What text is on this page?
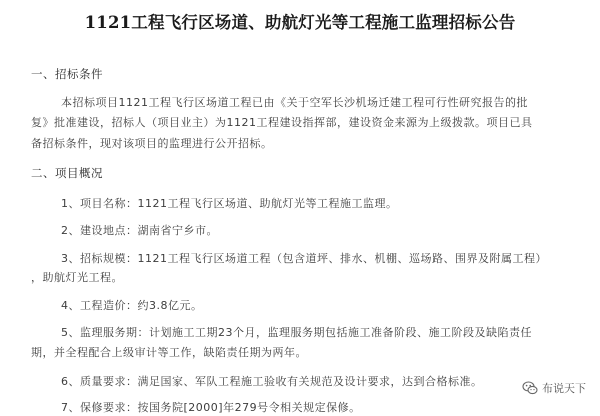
1121工程飞行区场道、助航灯光等工程施工监理招标公告
一、招标条件
本招标项目1121工程飞行区场道工程已由《关于空军长沙机场迁建工程可行性研究报告的批
复》批准建设，招标人（项目业主）为1121工程建设指挥部，建设资金来源为上级拨款。项目已具
备招标条件，现对该项目的监理进行公开招标。
二、项目概况
1、项目名称：1121工程飞行区场道、助航灯光等工程施工监理。
2、建设地点：湖南省宁乡市。
3、招标规模：1121工程飞行区场道工程（包含道坪、排水、机棚、巡场路、围界及附属工程）
，助航灯光工程。
4、工程造价：约3.8亿元。
5、监理服务期：计划施工工期23个月，监理服务期包括施工准备阶段、施工阶段及缺陷责任
期，并全程配合上级审计等工作，缺陷责任期为两年。
6、质量要求：满足国家、军队工程施工验收有关规范及设计要求，达到合格标准。
7、保修要求：按国务院[2000]年279号令相关规定保修。
布说天下
